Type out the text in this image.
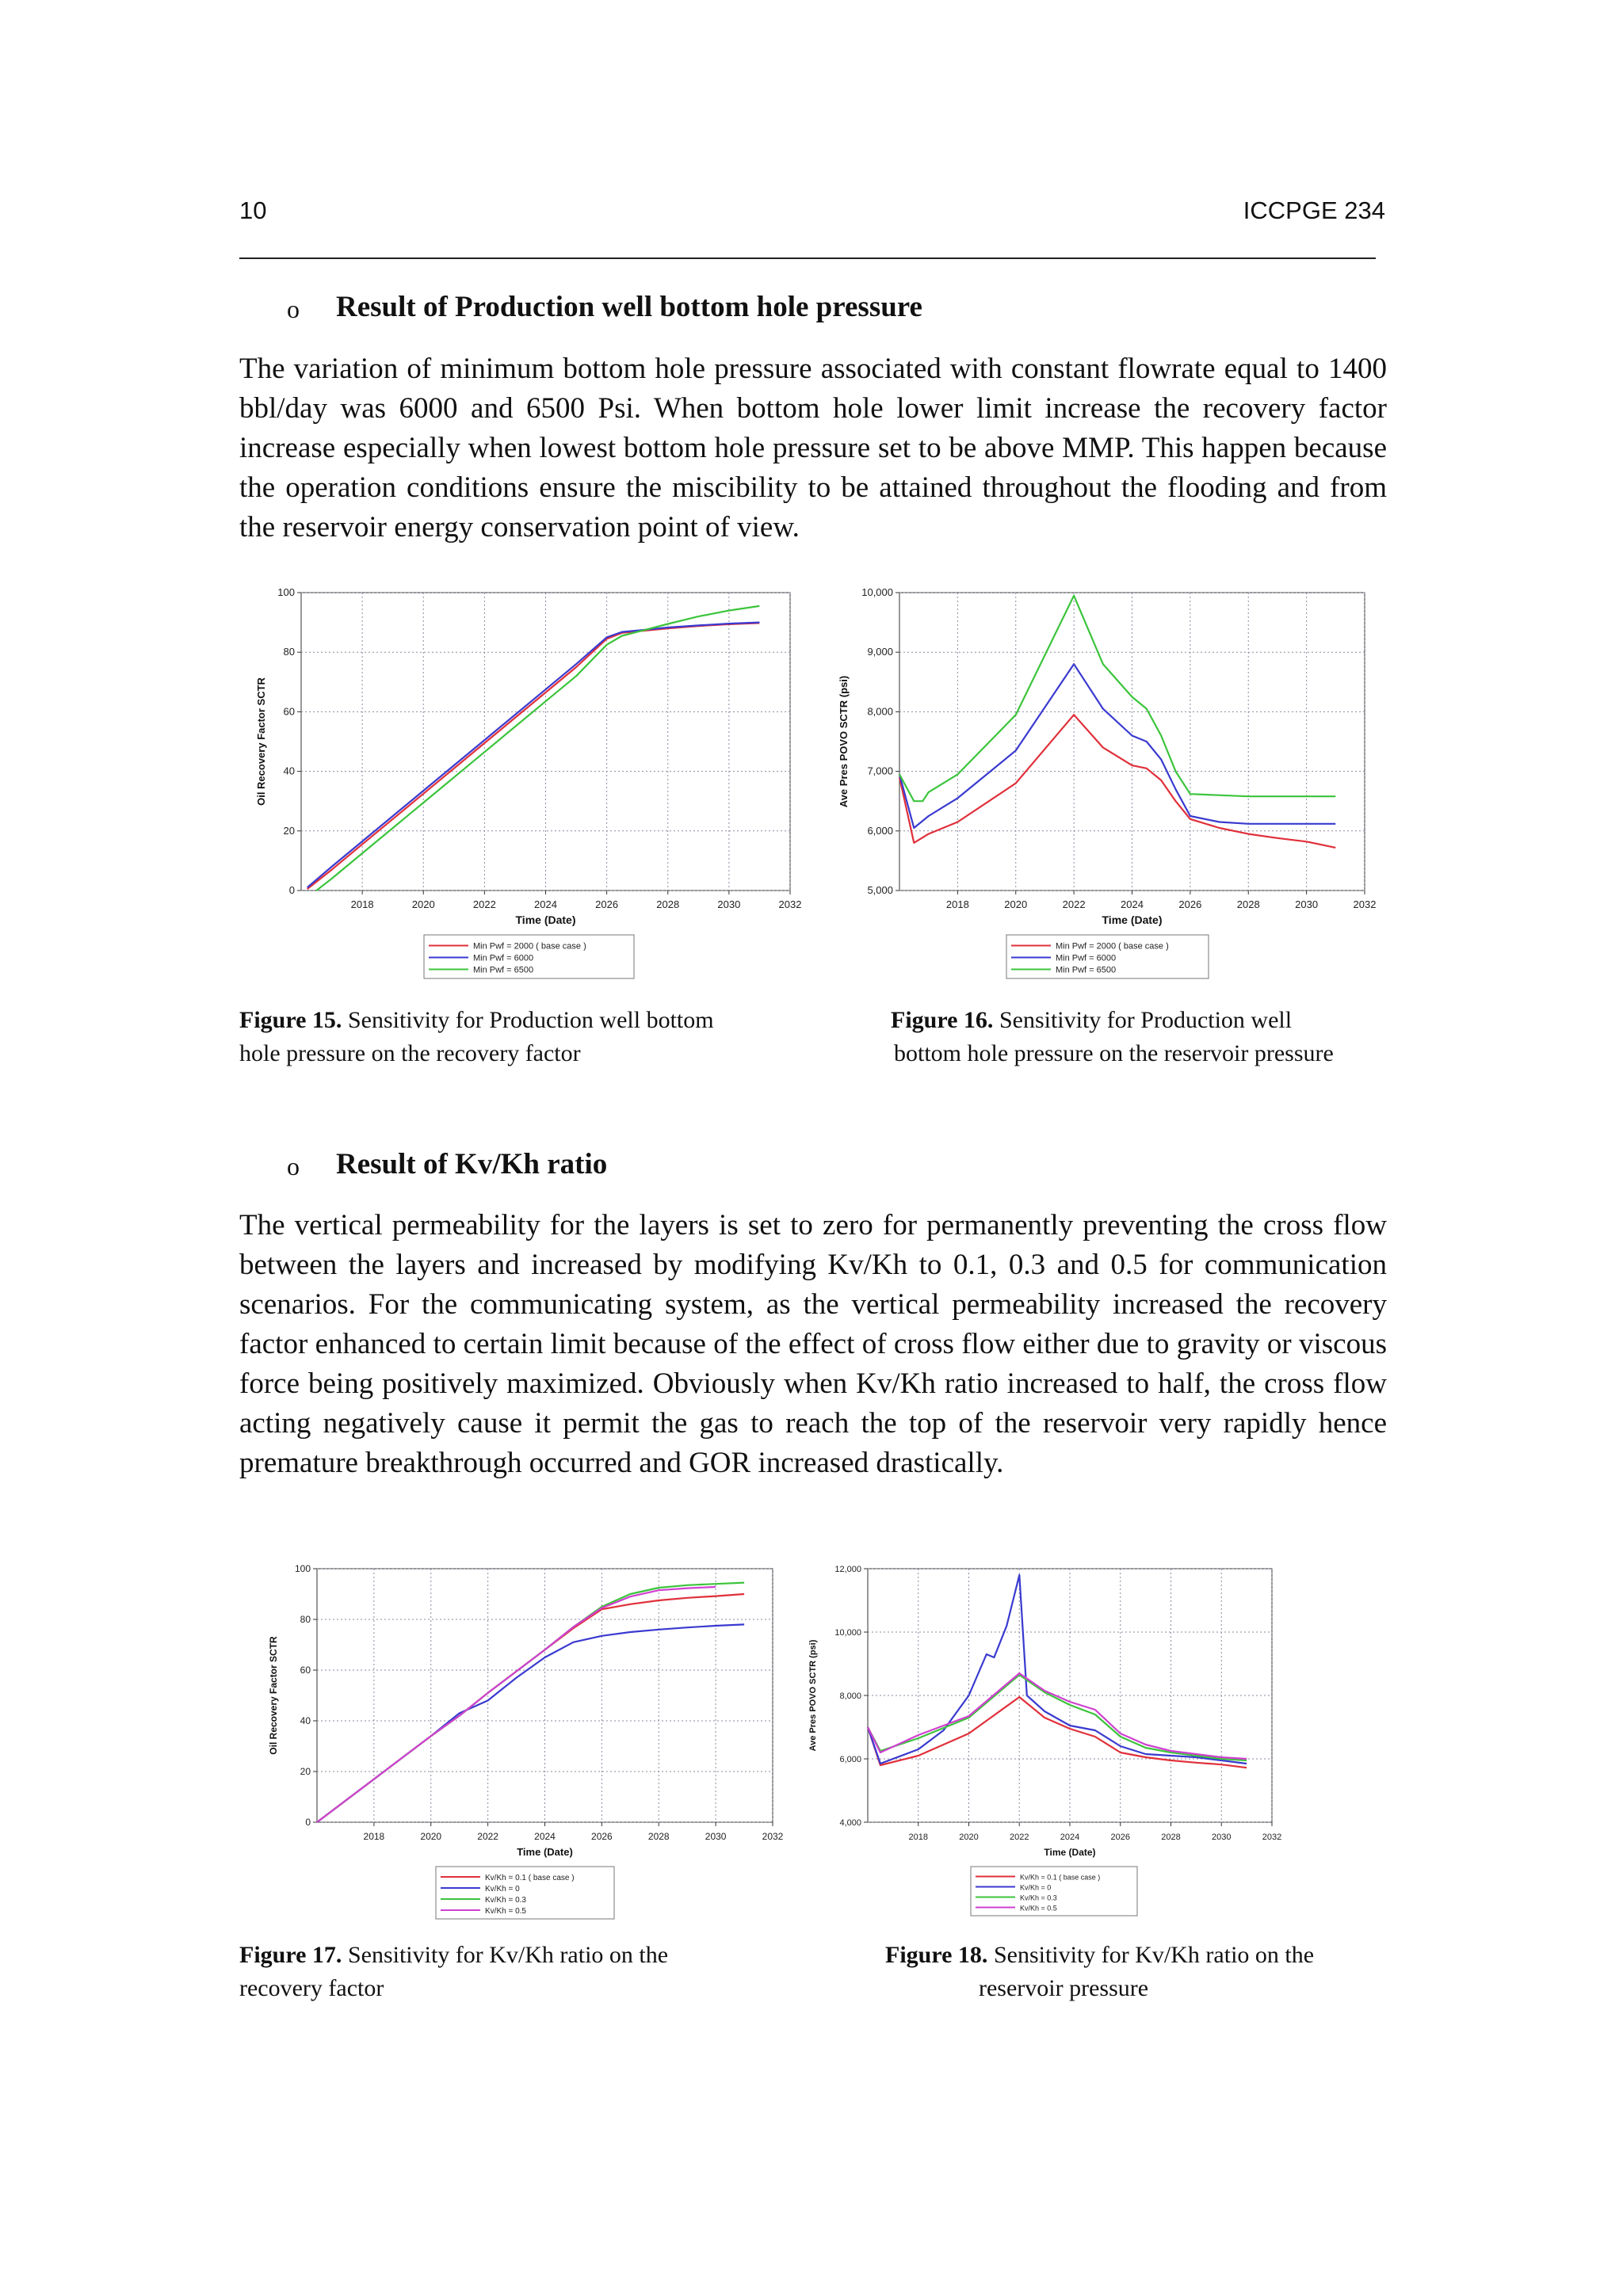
10	ICCPGE 234
o Result of Production well bottom hole pressure
The variation of minimum bottom hole pressure associated with constant flowrate equal to 1400 bbl/day was 6000 and 6500 Psi. When bottom hole lower limit increase the recovery factor increase especially when lowest bottom hole pressure set to be above MMP. This happen because the operation conditions ensure the miscibility to be attained throughout the flooding and from the reservoir energy conservation point of view.
2018	2020	2022	2024	2026	2028	2030	2032
0
20
40
60
80
100
Time (Date)
Oil Recovery Factor SCTR
Min Pwf = 2000 ( base case )
Min Pwf = 6000
Min Pwf = 6500
2018	2020	2022	2024	2026	2028	2030	2032
5,000
6,000
7,000
8,000
9,000
10,000
Time (Date)
Ave Pres POVO SCTR (psi)
Min Pwf = 2000 ( base case )
Min Pwf = 6000
Min Pwf = 6500
Figure 15. Sensitivity for Production well bottom
hole pressure on the recovery factor
Figure 16. Sensitivity for Production well
bottom hole pressure on the reservoir pressure
o Result of Kv/Kh ratio
The vertical permeability for the layers is set to zero for permanently preventing the cross flow between the layers and increased by modifying Kv/Kh to 0.1, 0.3 and 0.5 for communication scenarios. For the communicating system, as the vertical permeability increased the recovery factor enhanced to certain limit because of the effect of cross flow either due to gravity or viscous force being positively maximized. Obviously when Kv/Kh ratio increased to half, the cross flow acting negatively cause it permit the gas to reach the top of the reservoir very rapidly hence premature breakthrough occurred and GOR increased drastically.
2018	2020	2022	2024	2026	2028	2030	2032
0
20
40
60
80
100
Time (Date)
Oil Recovery Factor SCTR
Kv/Kh = 0.1 ( base case )
Kv/Kh = 0
Kv/Kh = 0.3
Kv/Kh = 0.5
2018	2020	2022	2024	2026	2028	2030	2032
4,000
6,000
8,000
10,000
12,000
Time (Date)
Ave Pres POVO SCTR (psi)
Kv/Kh = 0.1 ( base case )
Kv/Kh = 0
Kv/Kh = 0.3
Kv/Kh = 0.5
Figure 17. Sensitivity for Kv/Kh ratio on the
recovery factor
Figure 18. Sensitivity for Kv/Kh ratio on the
reservoir pressure
